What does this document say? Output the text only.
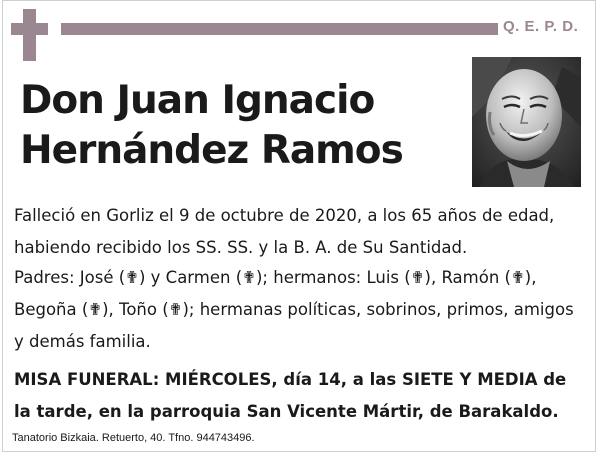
Q. E. P. D.
Don Juan Ignacio
Hernández Ramos
Falleció en Gorliz el 9 de octubre de 2020, a los 65 años de edad, habiendo recibido los SS. SS. y la B. A. de Su Santidad.
Padres: José (✟) y Carmen (✟); hermanos: Luis (✟), Ramón (✟), Begoña (✟), Toño (✟); hermanas políticas, sobrinos, primos, amigos y demás familia.
MISA FUNERAL: MIÉRCOLES, día 14, a las SIETE Y MEDIA de la tarde, en la parroquia San Vicente Mártir, de Barakaldo.
Tanatorio Bizkaia. Retuerto, 40. Tfno. 944743496.
